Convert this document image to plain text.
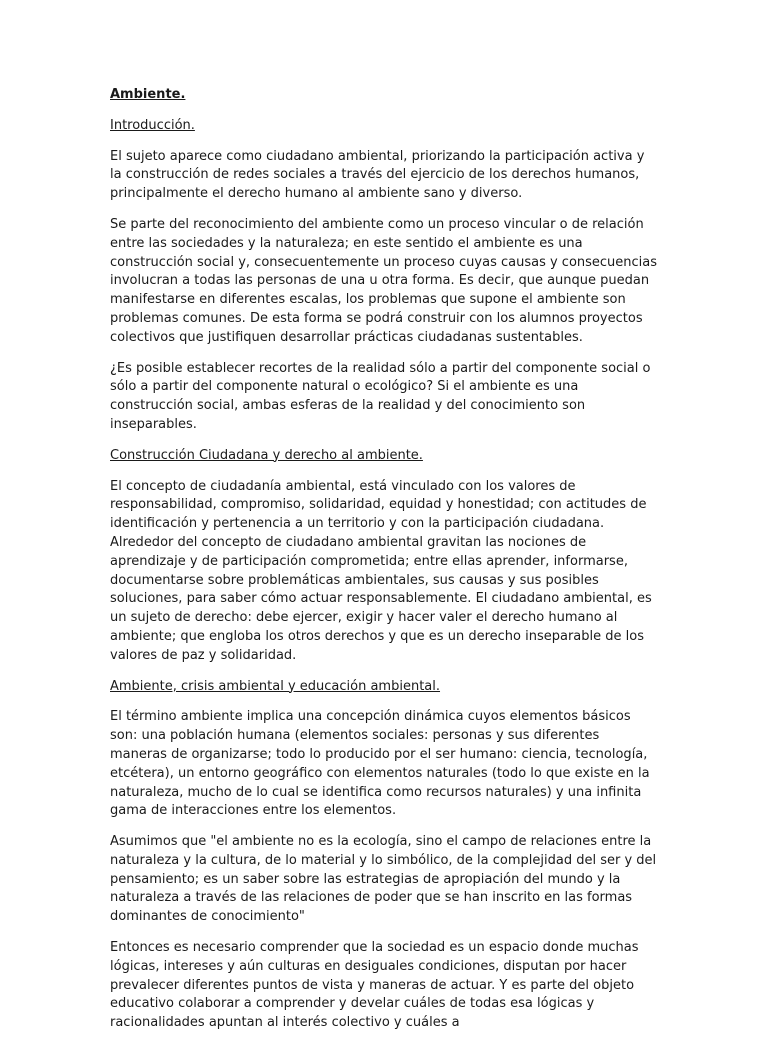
Ambiente.

Introducción.

El sujeto aparece como ciudadano ambiental, priorizando la participación activa y la construcción de redes sociales a través del ejercicio de los derechos humanos, principalmente el derecho humano al ambiente sano y diverso.

Se parte del reconocimiento del ambiente como un proceso vincular o de relación entre las sociedades y la naturaleza; en este sentido el ambiente es una construcción social y, consecuentemente un proceso cuyas causas y consecuencias involucran a todas las personas de una u otra forma. Es decir, que aunque puedan manifestarse en diferentes escalas, los problemas que supone el ambiente son problemas comunes. De esta forma se podrá construir con los alumnos proyectos colectivos que justifiquen desarrollar prácticas ciudadanas sustentables.

¿Es posible establecer recortes de la realidad sólo a partir del componente social o sólo a partir del componente natural o ecológico? Si el ambiente es una construcción social, ambas esferas de la realidad y del conocimiento son inseparables.

Construcción Ciudadana y derecho al ambiente.

El concepto de ciudadanía ambiental, está vinculado con los valores de responsabilidad, compromiso, solidaridad, equidad y honestidad; con actitudes de identificación y pertenencia a un territorio y con la participación ciudadana. Alrededor del concepto de ciudadano ambiental gravitan las nociones de aprendizaje y de participación comprometida; entre ellas aprender, informarse, documentarse sobre problemáticas ambientales, sus causas y sus posibles soluciones, para saber cómo actuar responsablemente. El ciudadano ambiental, es un sujeto de derecho: debe ejercer, exigir y hacer valer el derecho humano al ambiente; que engloba los otros derechos y que es un derecho inseparable de los valores de paz y solidaridad.

Ambiente, crisis ambiental y educación ambiental.

El término ambiente implica una concepción dinámica cuyos elementos básicos son: una población humana (elementos sociales: personas y sus diferentes maneras de organizarse; todo lo producido por el ser humano: ciencia, tecnología, etcétera), un entorno geográfico con elementos naturales (todo lo que existe en la naturaleza, mucho de lo cual se identifica como recursos naturales) y una infinita gama de interacciones entre los elementos.

Asumimos que "el ambiente no es la ecología, sino el campo de relaciones entre la naturaleza y la cultura, de lo material y lo simbólico, de la complejidad del ser y del pensamiento; es un saber sobre las estrategias de apropiación del mundo y la naturaleza a través de las relaciones de poder que se han inscrito en las formas dominantes de conocimiento"

Entonces es necesario comprender que la sociedad es un espacio donde muchas lógicas, intereses y aún culturas en desiguales condiciones, disputan por hacer prevalecer diferentes puntos de vista y maneras de actuar. Y es parte del objeto educativo colaborar a comprender y develar cuáles de todas esa lógicas y racionalidades apuntan al interés colectivo y cuáles a
